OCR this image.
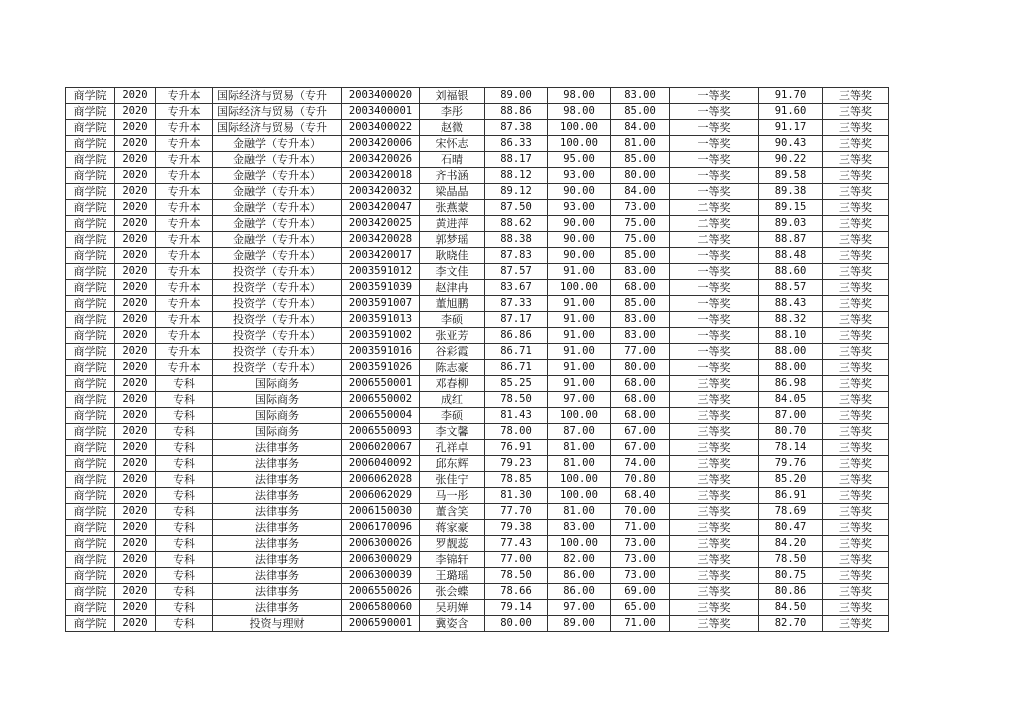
商学院	2020	专升本	国际经济与贸易（专升	2003400020	刘福银	89.00	98.00	83.00	一等奖	91.70	三等奖
商学院	2020	专升本	国际经济与贸易（专升	2003400001	李彤	88.86	98.00	85.00	一等奖	91.60	三等奖
商学院	2020	专升本	国际经济与贸易（专升	2003400022	赵微	87.38	100.00	84.00	一等奖	91.17	三等奖
商学院	2020	专升本	金融学（专升本）	2003420006	宋怀志	86.33	100.00	81.00	一等奖	90.43	三等奖
商学院	2020	专升本	金融学（专升本）	2003420026	石晴	88.17	95.00	85.00	一等奖	90.22	三等奖
商学院	2020	专升本	金融学（专升本）	2003420018	齐书涵	88.12	93.00	80.00	一等奖	89.58	三等奖
商学院	2020	专升本	金融学（专升本）	2003420032	梁晶晶	89.12	90.00	84.00	一等奖	89.38	三等奖
商学院	2020	专升本	金融学（专升本）	2003420047	张燕蒙	87.50	93.00	73.00	二等奖	89.15	三等奖
商学院	2020	专升本	金融学（专升本）	2003420025	黄进萍	88.62	90.00	75.00	二等奖	89.03	三等奖
商学院	2020	专升本	金融学（专升本）	2003420028	郭梦瑶	88.38	90.00	75.00	二等奖	88.87	三等奖
商学院	2020	专升本	金融学（专升本）	2003420017	耿晓佳	87.83	90.00	85.00	一等奖	88.48	三等奖
商学院	2020	专升本	投资学（专升本）	2003591012	李文佳	87.57	91.00	83.00	一等奖	88.60	三等奖
商学院	2020	专升本	投资学（专升本）	2003591039	赵津冉	83.67	100.00	68.00	一等奖	88.57	三等奖
商学院	2020	专升本	投资学（专升本）	2003591007	董旭鹏	87.33	91.00	85.00	一等奖	88.43	三等奖
商学院	2020	专升本	投资学（专升本）	2003591013	李硕	87.17	91.00	83.00	一等奖	88.32	三等奖
商学院	2020	专升本	投资学（专升本）	2003591002	张亚芳	86.86	91.00	83.00	一等奖	88.10	三等奖
商学院	2020	专升本	投资学（专升本）	2003591016	谷彩霞	86.71	91.00	77.00	一等奖	88.00	三等奖
商学院	2020	专升本	投资学（专升本）	2003591026	陈志豪	86.71	91.00	80.00	一等奖	88.00	三等奖
商学院	2020	专科	国际商务	2006550001	邓春柳	85.25	91.00	68.00	三等奖	86.98	三等奖
商学院	2020	专科	国际商务	2006550002	成红	78.50	97.00	68.00	三等奖	84.05	三等奖
商学院	2020	专科	国际商务	2006550004	李硕	81.43	100.00	68.00	三等奖	87.00	三等奖
商学院	2020	专科	国际商务	2006550093	李文馨	78.00	87.00	67.00	三等奖	80.70	三等奖
商学院	2020	专科	法律事务	2006020067	孔祥卓	76.91	81.00	67.00	三等奖	78.14	三等奖
商学院	2020	专科	法律事务	2006040092	邱东辉	79.23	81.00	74.00	三等奖	79.76	三等奖
商学院	2020	专科	法律事务	2006062028	张佳宁	78.85	100.00	70.80	三等奖	85.20	三等奖
商学院	2020	专科	法律事务	2006062029	马一彤	81.30	100.00	68.40	三等奖	86.91	三等奖
商学院	2020	专科	法律事务	2006150030	董含笑	77.70	81.00	70.00	三等奖	78.69	三等奖
商学院	2020	专科	法律事务	2006170096	蒋家豪	79.38	83.00	71.00	三等奖	80.47	三等奖
商学院	2020	专科	法律事务	2006300026	罗靓蕊	77.43	100.00	73.00	三等奖	84.20	三等奖
商学院	2020	专科	法律事务	2006300029	李锦轩	77.00	82.00	73.00	三等奖	78.50	三等奖
商学院	2020	专科	法律事务	2006300039	王璐瑶	78.50	86.00	73.00	三等奖	80.75	三等奖
商学院	2020	专科	法律事务	2006550026	张会蝶	78.66	86.00	69.00	三等奖	80.86	三等奖
商学院	2020	专科	法律事务	2006580060	吴玥婵	79.14	97.00	65.00	三等奖	84.50	三等奖
商学院	2020	专科	投资与理财	2006590001	冀姿含	80.00	89.00	71.00	三等奖	82.70	三等奖
